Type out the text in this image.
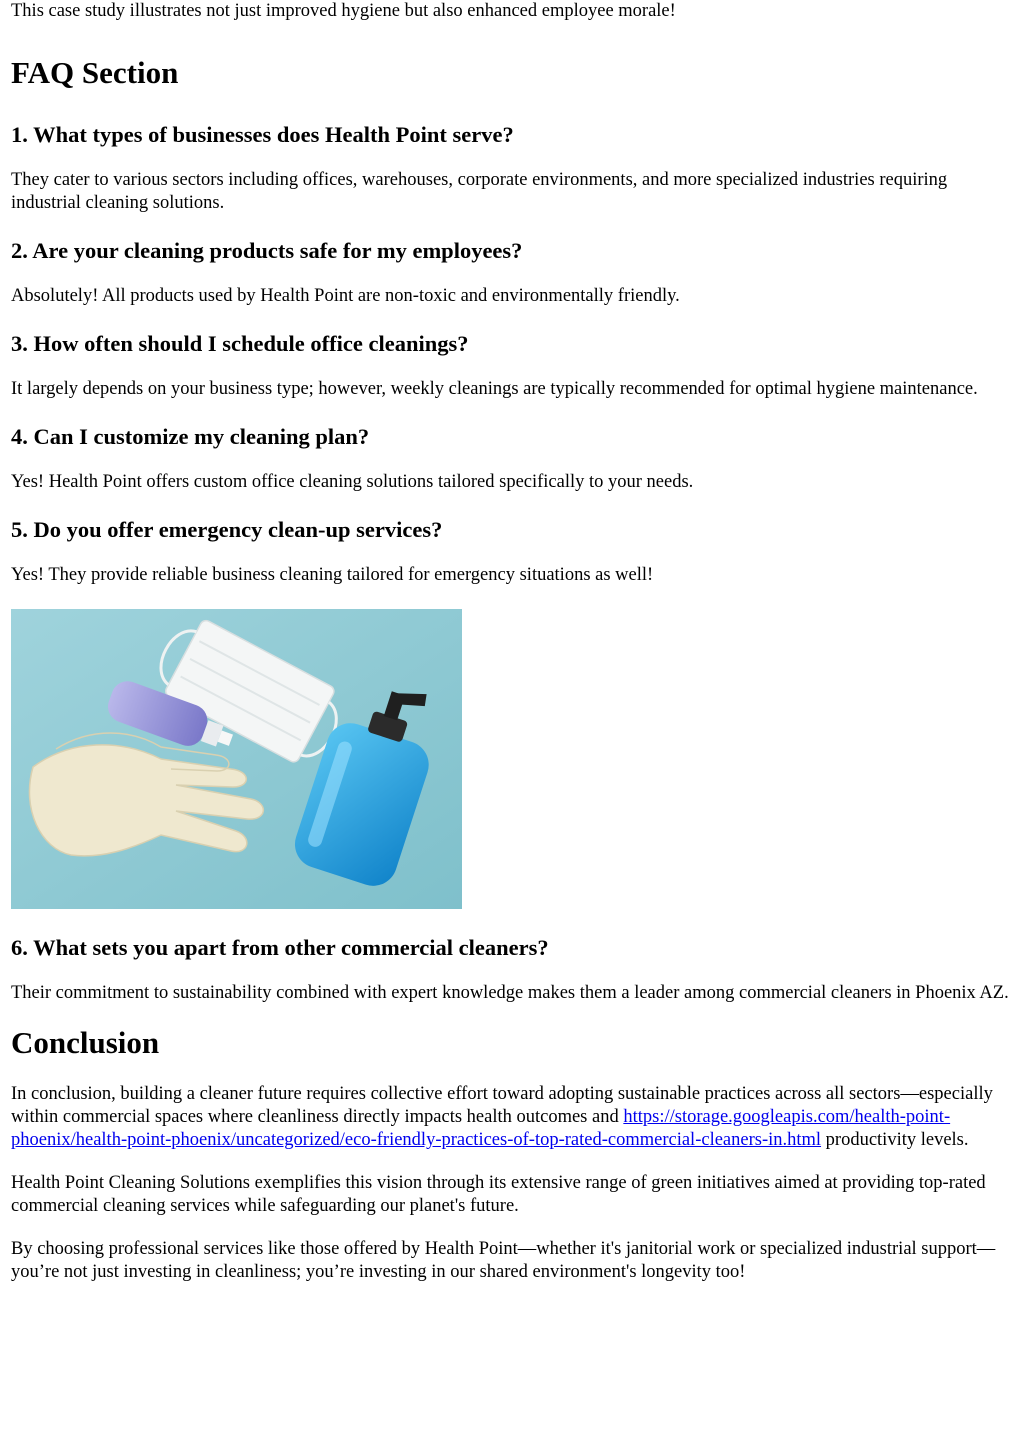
This case study illustrates not just improved hygiene but also enhanced employee morale!

FAQ Section
1. What types of businesses does Health Point serve?

They cater to various sectors including offices, warehouses, corporate environments, and more specialized industries requiring industrial cleaning solutions.

2. Are your cleaning products safe for my employees?

Absolutely! All products used by Health Point are non-toxic and environmentally friendly.

3. How often should I schedule office cleanings?

It largely depends on your business type; however, weekly cleanings are typically recommended for optimal hygiene maintenance.

4. Can I customize my cleaning plan?

Yes! Health Point offers custom office cleaning solutions tailored specifically to your needs.

5. Do you offer emergency clean-up services?

Yes! They provide reliable business cleaning tailored for emergency situations as well!

6. What sets you apart from other commercial cleaners?

Their commitment to sustainability combined with expert knowledge makes them a leader among commercial cleaners in Phoenix AZ.

Conclusion

In conclusion, building a cleaner future requires collective effort toward adopting sustainable practices across all sectors—especially within commercial spaces where cleanliness directly impacts health outcomes and https://storage.googleapis.com/health-point-phoenix/health-point-phoenix/uncategorized/eco-friendly-practices-of-top-rated-commercial-cleaners-in.html productivity levels.

Health Point Cleaning Solutions exemplifies this vision through its extensive range of green initiatives aimed at providing top-rated commercial cleaning services while safeguarding our planet's future.

By choosing professional services like those offered by Health Point—whether it's janitorial work or specialized industrial support—you’re not just investing in cleanliness; you’re investing in our shared environment's longevity too!
